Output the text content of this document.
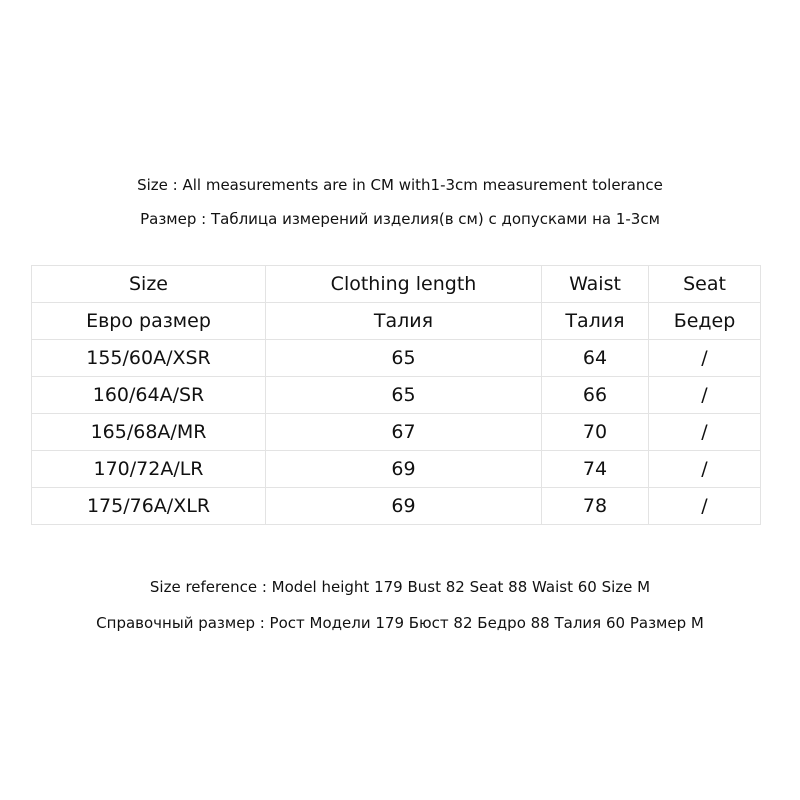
Size : All measurements are in CM with1-3cm measurement tolerance
Размер : Таблица измерений изделия(в см) с допусками на 1-3см
Size	Clothing length	Waist	Seat
Евро размер	Талия	Талия	Бедер
155/60A/XSR	65	64	/
160/64A/SR	65	66	/
165/68A/MR	67	70	/
170/72A/LR	69	74	/
175/76A/XLR	69	78	/
Size reference : Model height 179 Bust 82 Seat 88 Waist 60 Size M
Справочный размер : Рост Модели 179 Бюст 82 Бедро 88 Талия 60 Размер M
